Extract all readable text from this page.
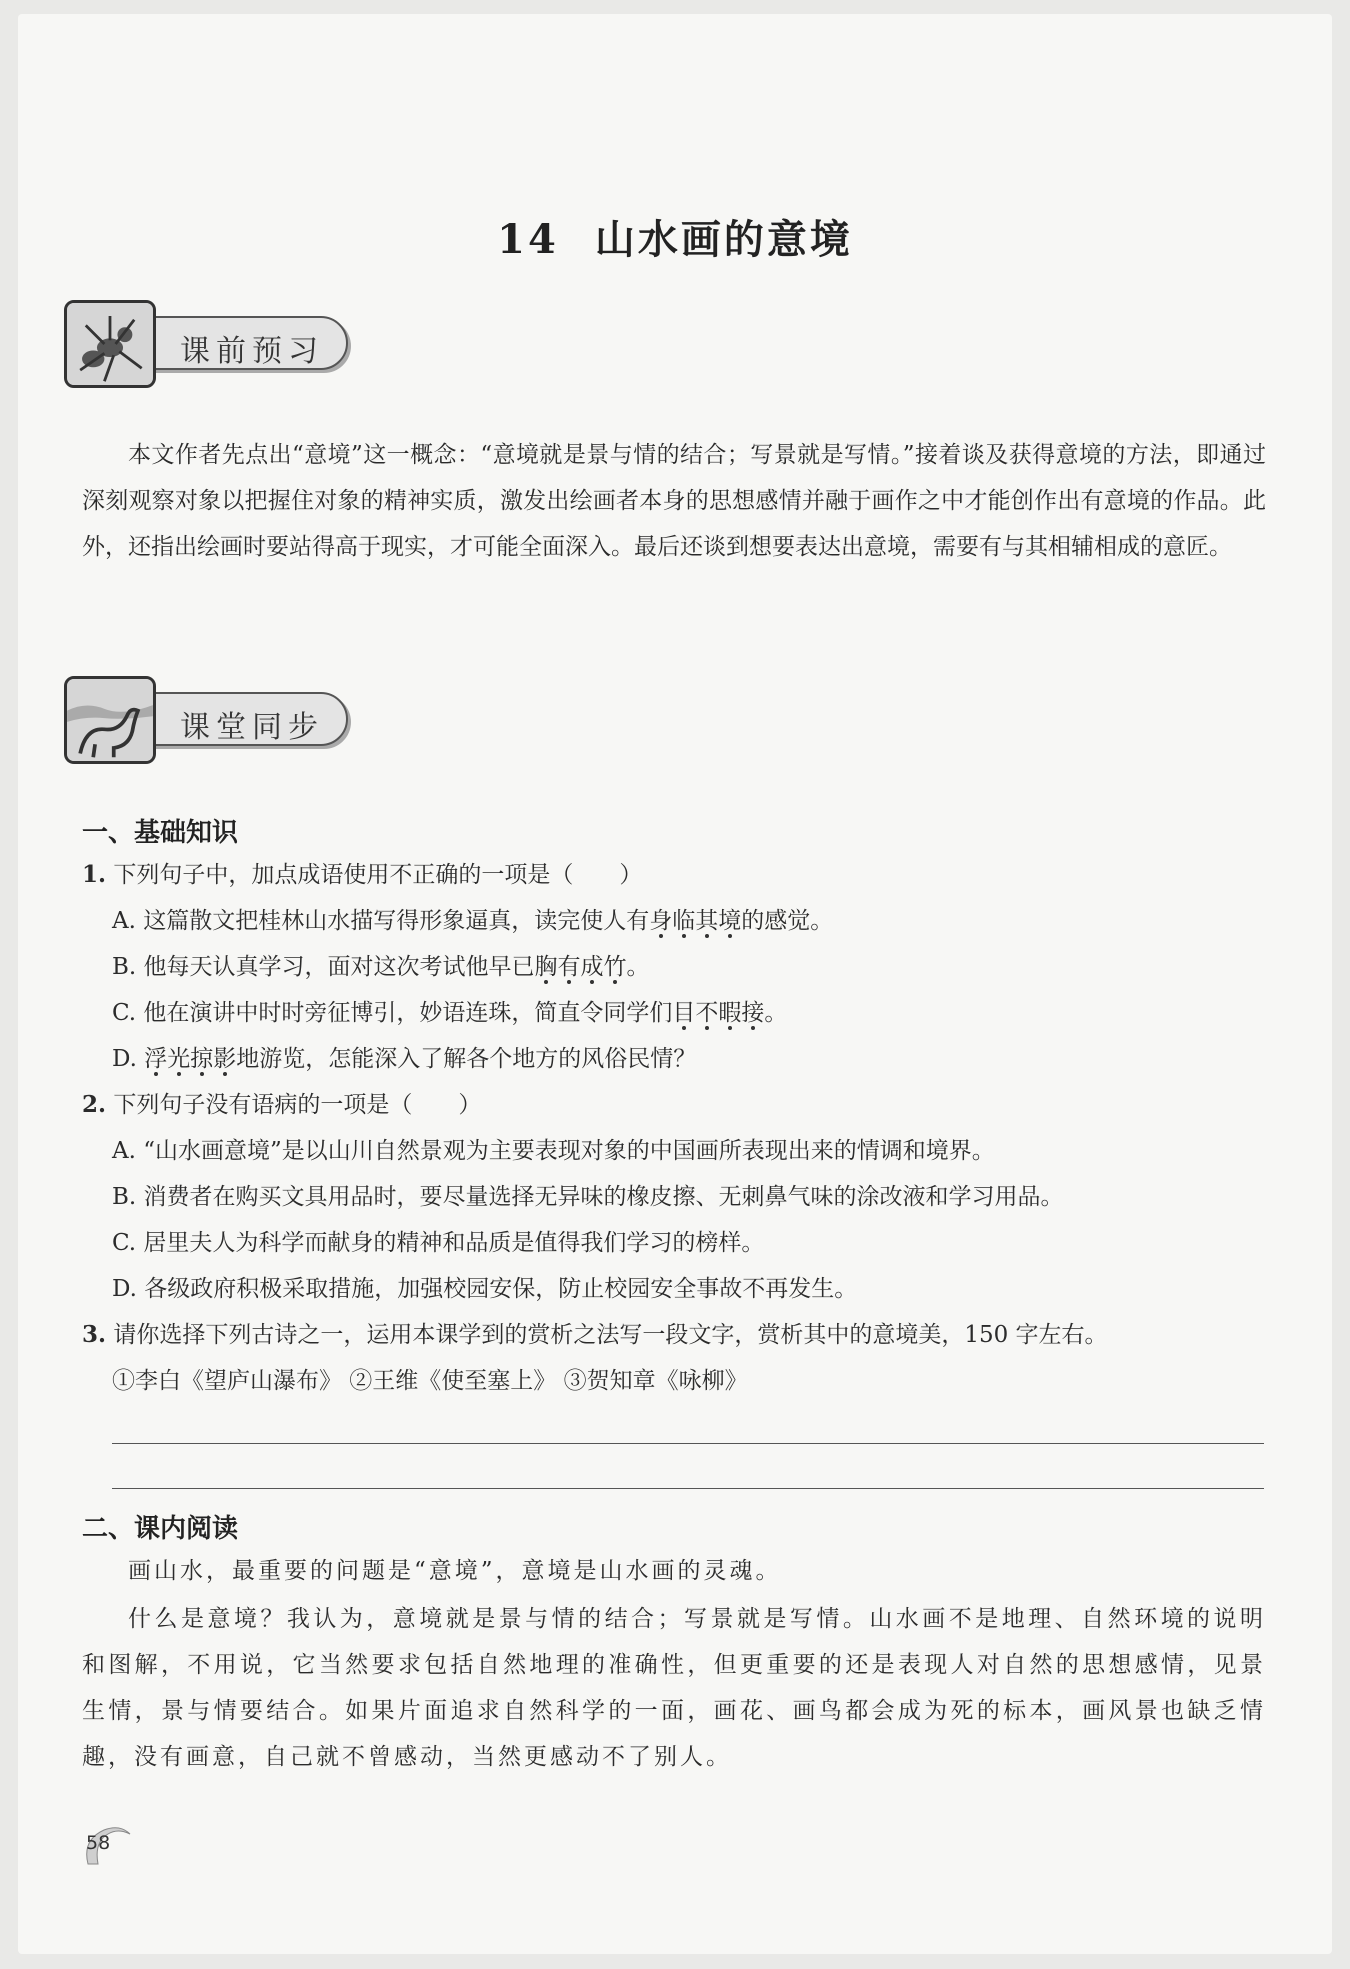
14 山水画的意境
课前预习
本文作者先点出“意境”这一概念：“意境就是景与情的结合；写景就是写情。”接着谈及获得意境的方法，即通过深刻观察对象以把握住对象的精神实质，激发出绘画者本身的思想感情并融于画作之中才能创作出有意境的作品。此外，还指出绘画时要站得高于现实，才可能全面深入。最后还谈到想要表达出意境，需要有与其相辅相成的意匠。
课堂同步
一、基础知识
1. 下列句子中，加点成语使用不正确的一项是（　　）
A. 这篇散文把桂林山水描写得形象逼真，读完使人有身临其境的感觉。
B. 他每天认真学习，面对这次考试他早已胸有成竹。
C. 他在演讲中时时旁征博引，妙语连珠，简直令同学们目不暇接。
D. 浮光掠影地游览，怎能深入了解各个地方的风俗民情？
2. 下列句子没有语病的一项是（　　）
A. “山水画意境”是以山川自然景观为主要表现对象的中国画所表现出来的情调和境界。
B. 消费者在购买文具用品时，要尽量选择无异味的橡皮擦、无刺鼻气味的涂改液和学习用品。
C. 居里夫人为科学而献身的精神和品质是值得我们学习的榜样。
D. 各级政府积极采取措施，加强校园安保，防止校园安全事故不再发生。
3. 请你选择下列古诗之一，运用本课学到的赏析之法写一段文字，赏析其中的意境美，150 字左右。
①李白《望庐山瀑布》 ②王维《使至塞上》 ③贺知章《咏柳》
二、课内阅读
画山水，最重要的问题是“意境”，意境是山水画的灵魂。
什么是意境？我认为，意境就是景与情的结合；写景就是写情。山水画不是地理、自然环境的说明和图解，不用说，它当然要求包括自然地理的准确性，但更重要的还是表现人对自然的思想感情，见景生情，景与情要结合。如果片面追求自然科学的一面，画花、画鸟都会成为死的标本，画风景也缺乏情趣，没有画意，自己就不曾感动，当然更感动不了别人。
58
